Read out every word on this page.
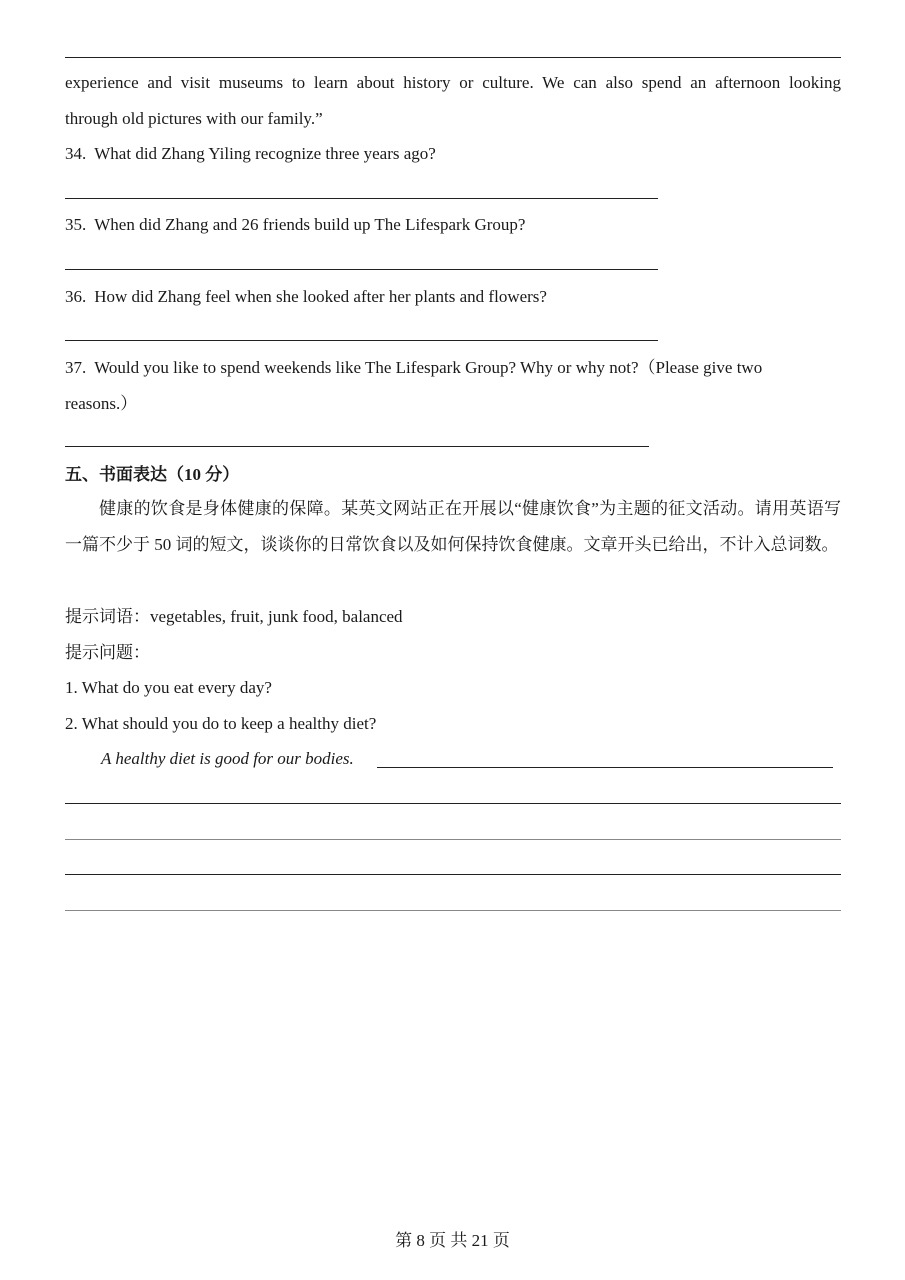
experience and visit museums to learn about history or culture. We can also spend an afternoon looking
through old pictures with our family.”
34. What did Zhang Yiling recognize three years ago?
35. When did Zhang and 26 friends build up The Lifespark Group?
36. How did Zhang feel when she looked after her plants and flowers?
37. Would you like to spend weekends like The Lifespark Group? Why or why not?（Please give two
reasons.）
五、书面表达（10 分）
健康的饮食是身体健康的保障。某英文网站正在开展以“健康饮食”为主题的征文活动。请用英语写一篇不少于 50 词的短文，谈谈你的日常饮食以及如何保持饮食健康。文章开头已给出，不计入总词数。
提示词语：vegetables, fruit, junk food, balanced
提示问题：
1. What do you eat every day?
2. What should you do to keep a healthy diet?
A healthy diet is good for our bodies.
第 8 页 共 21 页
